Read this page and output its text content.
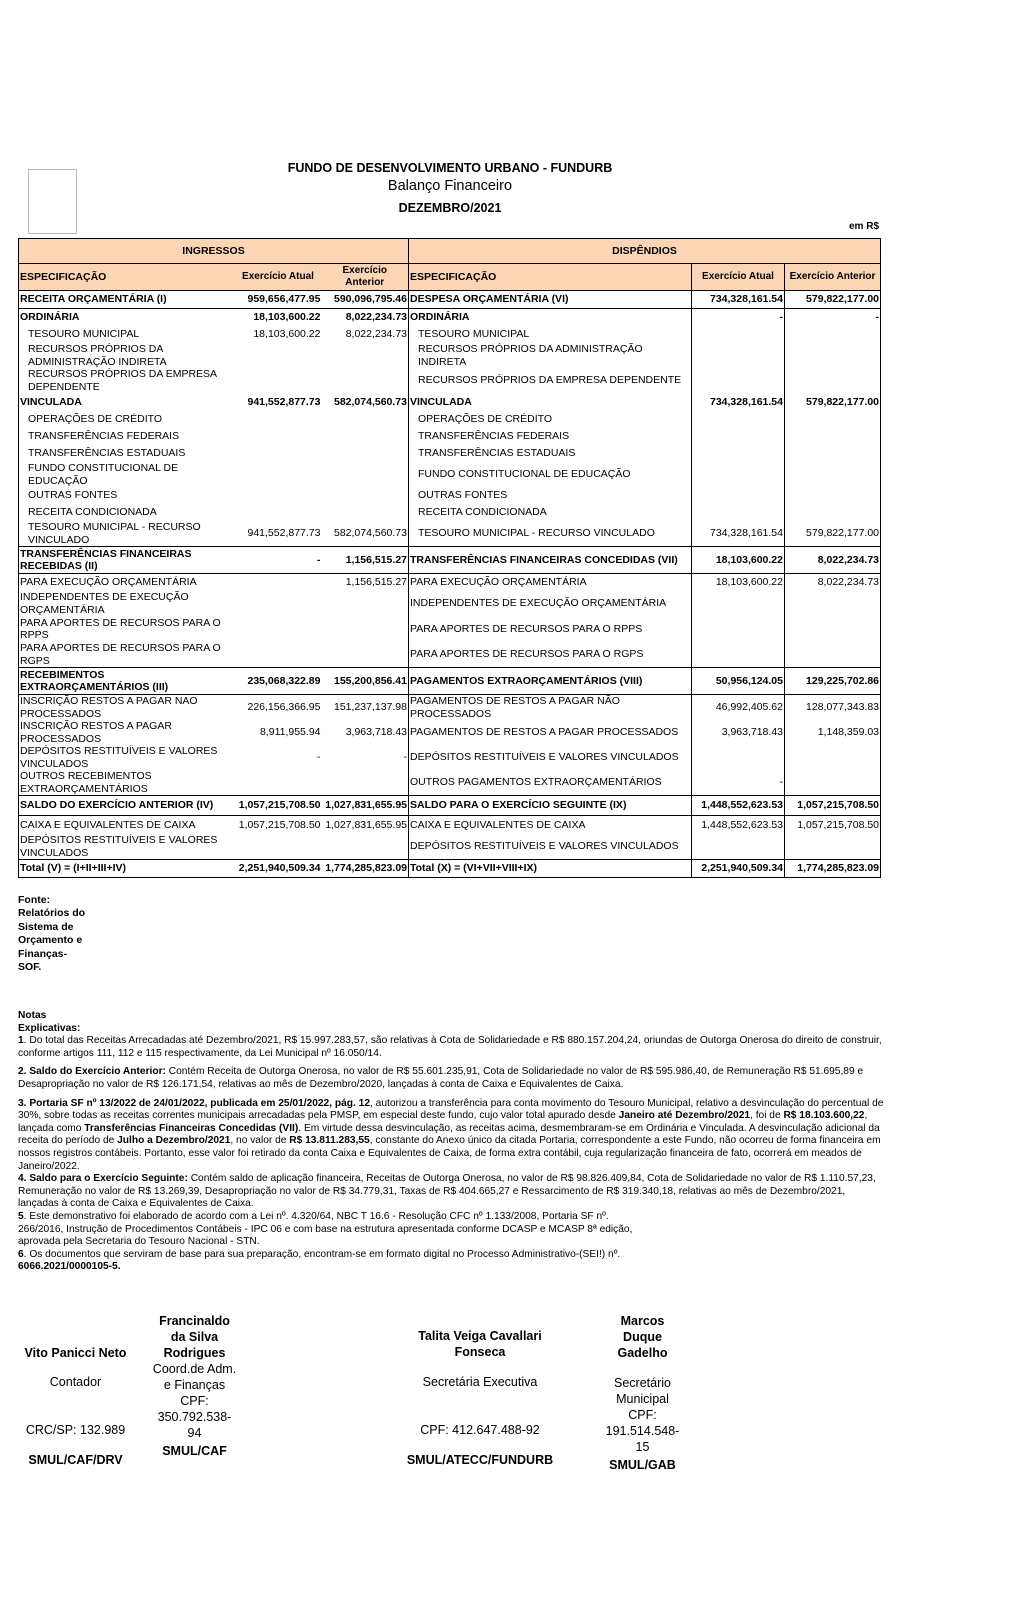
FUNDO DE DESENVOLVIMENTO URBANO - FUNDURB
Balanço Financeiro
DEZEMBRO/2021
em R$
INGRESSOS			DISPÊNDIOS		
ESPECIFICAÇÃO	Exercício Atual	Exercício Anterior	ESPECIFICAÇÃO	Exercício Atual	Exercício Anterior
RECEITA ORÇAMENTÁRIA (I)	959,656,477.95	590,096,795.46	DESPESA ORÇAMENTÁRIA (VI)	734,328,161.54	579,822,177.00
ORDINÁRIA	18,103,600.22	8,022,234.73	ORDINÁRIA	-	-
TESOURO MUNICIPAL	18,103,600.22	8,022,234.73	TESOURO MUNICIPAL		
RECURSOS PRÓPRIOS DA ADMINISTRAÇÃO INDIRETA			RECURSOS PRÓPRIOS DA ADMINISTRAÇÃO INDIRETA		
RECURSOS PRÓPRIOS DA EMPRESA DEPENDENTE			RECURSOS PRÓPRIOS DA EMPRESA DEPENDENTE		
VINCULADA	941,552,877.73	582,074,560.73	VINCULADA	734,328,161.54	579,822,177.00
OPERAÇÕES DE CRÉDITO			OPERAÇÕES DE CRÉDITO		
TRANSFERÊNCIAS FEDERAIS			TRANSFERÊNCIAS FEDERAIS		
TRANSFERÊNCIAS ESTADUAIS			TRANSFERÊNCIAS ESTADUAIS		
FUNDO CONSTITUCIONAL DE EDUCAÇÃO			FUNDO CONSTITUCIONAL DE EDUCAÇÃO		
OUTRAS FONTES			OUTRAS FONTES		
RECEITA CONDICIONADA			RECEITA CONDICIONADA		
TESOURO MUNICIPAL - RECURSO VINCULADO	941,552,877.73	582,074,560.73	TESOURO MUNICIPAL - RECURSO VINCULADO	734,328,161.54	579,822,177.00
TRANSFERÊNCIAS FINANCEIRAS RECEBIDAS (II)	-	1,156,515.27	TRANSFERÊNCIAS FINANCEIRAS CONCEDIDAS (VII)	18,103,600.22	8,022,234.73
PARA EXECUÇÃO ORÇAMENTÁRIA		1,156,515.27	PARA EXECUÇÃO ORÇAMENTÁRIA	18,103,600.22	8,022,234.73
INDEPENDENTES DE EXECUÇÃO ORÇAMENTÁRIA			INDEPENDENTES DE EXECUÇÃO ORÇAMENTÁRIA		
PARA APORTES DE RECURSOS PARA O RPPS			PARA APORTES DE RECURSOS PARA O RPPS		
PARA APORTES DE RECURSOS PARA O RGPS			PARA APORTES DE RECURSOS PARA O RGPS		
RECEBIMENTOS EXTRAORÇAMENTÁRIOS (III)	235,068,322.89	155,200,856.41	PAGAMENTOS EXTRAORÇAMENTÁRIOS (VIII)	50,956,124.05	129,225,702.86
INSCRIÇÃO RESTOS A PAGAR NAO PROCESSADOS	226,156,366.95	151,237,137.98	PAGAMENTOS DE RESTOS A PAGAR NÃO PROCESSADOS	46,992,405.62	128,077,343.83
INSCRIÇÃO RESTOS A PAGAR PROCESSADOS	8,911,955.94	3,963,718.43	PAGAMENTOS DE RESTOS A PAGAR PROCESSADOS	3,963,718.43	1,148,359.03
DEPÓSITOS RESTITUÍVEIS E VALORES VINCULADOS	-	-	DEPÓSITOS RESTITUÍVEIS E VALORES VINCULADOS		
OUTROS RECEBIMENTOS EXTRAORÇAMENTÁRIOS			OUTROS PAGAMENTOS EXTRAORÇAMENTÁRIOS	-	
SALDO DO EXERCÍCIO ANTERIOR (IV)	1,057,215,708.50	1,027,831,655.95	SALDO PARA O EXERCÍCIO SEGUINTE (IX)	1,448,552,623.53	1,057,215,708.50
CAIXA E EQUIVALENTES DE CAIXA	1,057,215,708.50	1,027,831,655.95	CAIXA E EQUIVALENTES DE CAIXA	1,448,552,623.53	1,057,215,708.50
DEPÓSITOS RESTITUÍVEIS E VALORES VINCULADOS			DEPÓSITOS RESTITUÍVEIS E VALORES VINCULADOS		
Total (V) = (I+II+III+IV)	2,251,940,509.34	1,774,285,823.09	Total (X) = (VI+VII+VIII+IX)	2,251,940,509.34	1,774,285,823.09
Fonte: Relatórios do Sistema de Orçamento e Finanças- SOF.

Notas Explicativas:

1. Do total das Receitas Arrecadadas até Dezembro/2021, R$ 15.997.283,57, são relativas à Cota de Solidariedade e R$ 880.157.204,24, oriundas de Outorga Onerosa do direito de construir, conforme artigos 111, 112 e 115 respectivamente, da Lei Municipal nº 16.050/14.

2. Saldo do Exercício Anterior: Contém Receita de Outorga Onerosa, no valor de R$ 55.601.235,91, Cota de Solidariedade no valor de R$ 595.986,40, de Remuneração R$ 51.695,89 e Desapropriação no valor de R$ 126.171,54, relativas ao mês de Dezembro/2020, lançadas à conta de Caixa e Equivalentes de Caixa.

3. Portaria SF nº 13/2022 de 24/01/2022, publicada em 25/01/2022, pág. 12, autorizou a transferência para conta movimento do Tesouro Municipal, relativo a desvinculação do percentual de 30%, sobre todas as receitas correntes municipais arrecadadas pela PMSP, em especial deste fundo, cujo valor total apurado desde Janeiro até Dezembro/2021, foi de R$ 18.103.600,22, lançada como Transferências Financeiras Concedidas (VII). Em virtude dessa desvinculação, as receitas acima, desmembraram-se em Ordinária e Vinculada. A desvinculação adicional da receita do período de Julho a Dezembro/2021, no valor de R$ 13.811.283,55, constante do Anexo único da citada Portaria, correspondente a este Fundo, não ocorreu de forma financeira em nossos registros contábeis. Portanto, esse valor foi retirado da conta Caixa e Equivalentes de Caixa, de forma extra contábil, cuja regularização financeira de fato, ocorrerá em meados de Janeiro/2022.

4. Saldo para o Exercício Seguinte: Contém saldo de aplicação financeira, Receitas de Outorga Onerosa, no valor de R$ 98.826.409,84, Cota de Solidariedade no valor de R$ 1.110.57,23, Remuneração no valor de R$ 13.269,39, Desapropriação no valor de R$ 34.779,31, Taxas de R$ 404.665,27 e Ressarcimento de R$ 319.340,18, relativas ao mês de Dezembro/2021, lançadas à conta de Caixa e Equivalentes de Caixa.

5. Este demonstrativo foi elaborado de acordo com a Lei nº. 4.320/64, NBC T 16.6 - Resolução CFC nº 1.133/2008, Portaria SF nº.
266/2016, Instrução de Procedimentos Contábeis - IPC 06 e com base na estrutura apresentada conforme DCASP e MCASP 8ª edição,
aprovada pela Secretaria do Tesouro Nacional - STN.

6. Os documentos que serviram de base para sua preparação, encontram-se em formato digital no Processo Administrativo-(SEI!) nº.
6066.2021/0000105-5.

Vito Panicci Neto
Contador
CRC/SP: 132.989
SMUL/CAF/DRV
Francinaldo da Silva Rodrigues
Coord.de Adm. e Finanças
CPF: 350.792.538-94
SMUL/CAF
Talita Veiga Cavallari Fonseca
Secretária Executiva
CPF: 412.647.488-92
SMUL/ATECC/FUNDURB
Marcos Duque Gadelho
Secretário Municipal
CPF: 191.514.548-15
SMUL/GAB
